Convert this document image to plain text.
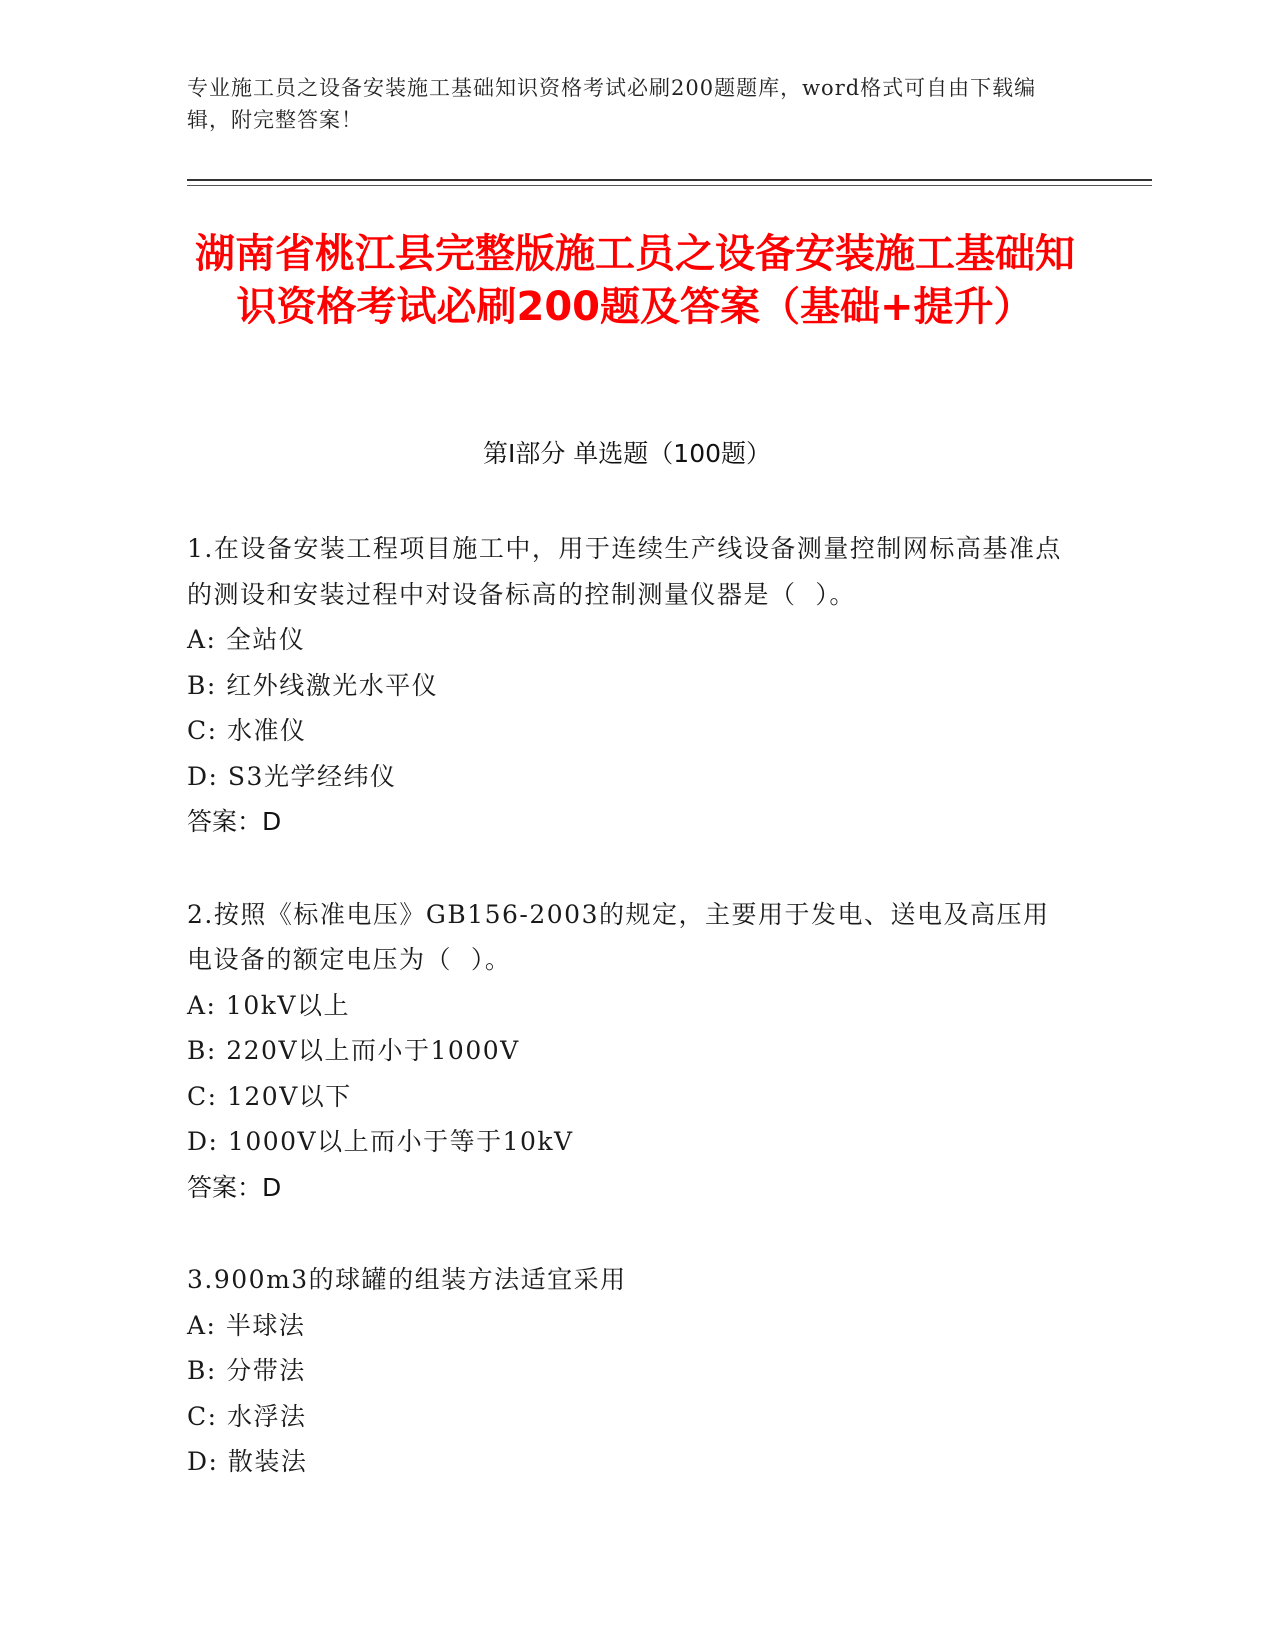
专业施工员之设备安装施工基础知识资格考试必刷200题题库，word格式可自由下载编辑，附完整答案！
湖南省桃江县完整版施工员之设备安装施工基础知识资格考试必刷200题及答案（基础+提升）
第I部分 单选题（100题）
1.在设备安装工程项目施工中，用于连续生产线设备测量控制网标高基准点的测设和安装过程中对设备标高的控制测量仪器是（  ）。
A: 全站仪
B: 红外线激光水平仪
C: 水准仪
D: S3光学经纬仪
答案：D
2.按照《标准电压》GB156-2003的规定，主要用于发电、送电及高压用电设备的额定电压为（  ）。
A: 10kV以上
B: 220V以上而小于1000V
C: 120V以下
D: 1000V以上而小于等于10kV
答案：D
3.900m3的球罐的组装方法适宜采用
A: 半球法
B: 分带法
C: 水浮法
D: 散装法
